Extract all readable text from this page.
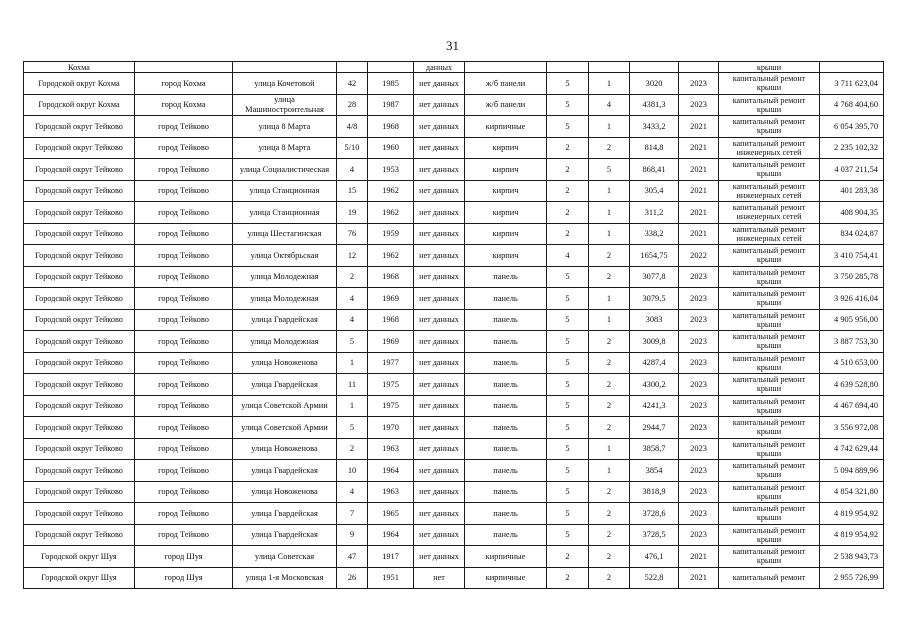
31
Кохма					данных						крыши	
Городской округ Кохма	город Кохма	улица Кочетовой	42	1985	нет данных	ж/б панели	5	1	3020	2023	капитальный ремонт крыши	3 711 623,04
Городской округ Кохма	город Кохма	улица Машиностроительная	28	1987	нет данных	ж/б панели	5	4	4381,3	2023	капитальный ремонт крыши	4 768 404,60
Городской округ Тейково	город Тейково	улица 8 Марта	4/8	1968	нет данных	кирпичные	5	1	3433,2	2021	капитальный ремонт крыши	6 054 395,70
Городской округ Тейково	город Тейково	улица 8 Марта	5/10	1960	нет данных	кирпич	2	2	814,8	2021	капитальный ремонт инженерных сетей	2 235 102,32
Городской округ Тейково	город Тейково	улица Социалистическая	4	1953	нет данных	кирпич	2	5	868,41	2021	капитальный ремонт крыши	4 037 211,54
Городской округ Тейково	город Тейково	улица Станционная	15	1962	нет данных	кирпич	2	1	305,4	2021	капитальный ремонт инженерных сетей	401 283,38
Городской округ Тейково	город Тейково	улица Станционная	19	1962	нет данных	кирпич	2	1	311,2	2021	капитальный ремонт инженерных сетей	408 904,35
Городской округ Тейково	город Тейково	улица Шестагинская	76	1959	нет данных	кирпич	2	1	338,2	2021	капитальный ремонт инженерных сетей	834 024,87
Городской округ Тейково	город Тейково	улица Октябрьская	12	1962	нет данных	кирпич	4	2	1654,75	2022	капитальный ремонт крыши	3 410 754,41
Городской округ Тейково	город Тейково	улица Молодежная	2	1968	нет данных	панель	5	2	3077,8	2023	капитальный ремонт крыши	3 750 285,78
Городской округ Тейково	город Тейково	улица Молодежная	4	1969	нет данных	панель	5	1	3079,5	2023	капитальный ремонт крыши	3 926 416,04
Городской округ Тейково	город Тейково	улица Гвардейская	4	1968	нет данных	панель	5	1	3083	2023	капитальный ремонт крыши	4 905 956,00
Городской округ Тейково	город Тейково	улица Молодежная	5	1969	нет данных	панель	5	2	3009,8	2023	капитальный ремонт крыши	3 887 753,30
Городской округ Тейково	город Тейково	улица Новоженова	1	1977	нет данных	панель	5	2	4287,4	2023	капитальный ремонт крыши	4 510 653,00
Городской округ Тейково	город Тейково	улица Гвардейская	11	1975	нет данных	панель	5	2	4300,2	2023	капитальный ремонт крыши	4 639 528,80
Городской округ Тейково	город Тейково	улица Советской Армии	1	1975	нет данных	панель	5	2	4241,3	2023	капитальный ремонт крыши	4 467 694,40
Городской округ Тейково	город Тейково	улица Советской Армии	5	1970	нет данных	панель	5	2	2944,7	2023	капитальный ремонт крыши	3 556 972,08
Городской округ Тейково	город Тейково	улица Новоженова	2	1963	нет данных	панель	5	1	3858,7	2023	капитальный ремонт крыши	4 742 629,44
Городской округ Тейково	город Тейково	улица Гвардейская	10	1964	нет данных	панель	5	1	3854	2023	капитальный ремонт крыши	5 094 889,96
Городской округ Тейково	город Тейково	улица Новоженова	4	1963	нет данных	панель	5	2	3818,9	2023	капитальный ремонт крыши	4 854 321,80
Городской округ Тейково	город Тейково	улица Гвардейская	7	1965	нет данных	панель	5	2	3728,6	2023	капитальный ремонт крыши	4 819 954,92
Городской округ Тейково	город Тейково	улица Гвардейская	9	1964	нет данных	панель	5	2	3728,5	2023	капитальный ремонт крыши	4 819 954,92
Городской округ Шуя	город Шуя	улица Советская	47	1917	нет данных	кирпичные	2	2	476,1	2021	капитальный ремонт крыши	2 538 943,73
Городской округ Шуя	город Шуя	улица 1-я Московская	26	1951	нет	кирпичные	2	2	522,8	2021	капитальный ремонт	2 955 726,99
